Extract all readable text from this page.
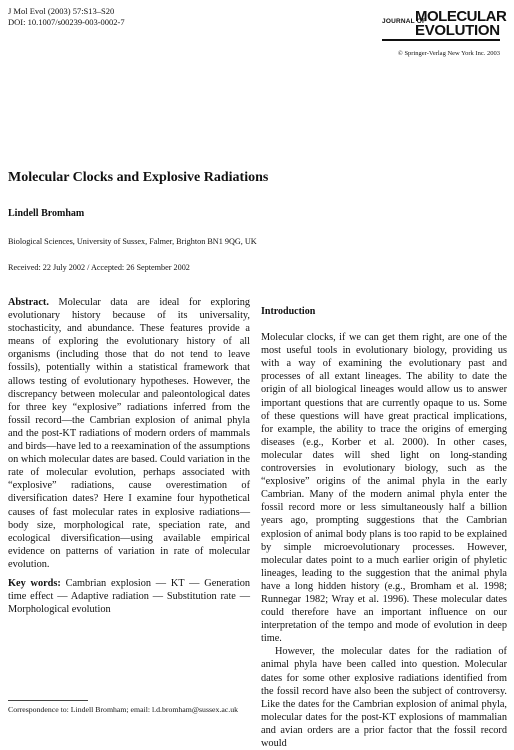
J Mol Evol (2003) 57:S13–S20
DOI: 10.1007/s00239-003-0002-7	JOURNAL OF
MOLECULAR
EVOLUTION
© Springer-Verlag New York Inc. 2003
Molecular Clocks and Explosive Radiations
Lindell Bromham
Biological Sciences, University of Sussex, Falmer, Brighton BN1 9QG, UK
Received: 22 July 2002 / Accepted: 26 September 2002

Abstract. Molecular data are ideal for exploring evolutionary history because of its universality, stochasticity, and abundance. These features provide a means of exploring the evolutionary history of all organisms (including those that do not tend to leave fossils), potentially within a statistical framework that allows testing of evolutionary hypotheses. However, the discrepancy between molecular and paleontological dates for three key “explosive” radiations inferred from the fossil record—the Cambrian explosion of animal phyla and the post-KT radiations of modern orders of mammals and birds—have led to a reexamination of the assumptions on which molecular dates are based. Could variation in the rate of molecular evolution, perhaps associated with “explosive” radiations, cause overestimation of diversification dates? Here I examine four hypothetical causes of fast molecular rates in explosive radiations—body size, morphological rate, speciation rate, and ecological diversification—using available empirical evidence on patterns of variation in rate of molecular evolution.

Key words: Cambrian explosion — KT — Generation time effect — Adaptive radiation — Substitution rate — Morphological evolution

Correspondence to: Lindell Bromham; email: l.d.bromham@sussex.ac.uk
Introduction

Molecular clocks, if we can get them right, are one of the most useful tools in evolutionary biology, providing us with a way of examining the evolutionary past and processes of all extant lineages. The ability to date the origin of all biological lineages would allow us to answer important questions that are currently opaque to us. Some of these questions will have great practical implications, for example, the ability to trace the origins of emerging diseases (e.g., Korber et al. 2000). In other cases, molecular dates will shed light on long-standing controversies in evolutionary biology, such as the “explosive” origins of the animal phyla in the early Cambrian. Many of the modern animal phyla enter the fossil record more or less simultaneously half a billion years ago, prompting suggestions that the Cambrian explosion of animal body plans is too rapid to be explained by simple microevolutionary processes. However, molecular dates point to a much earlier origin of phyletic lineages, leading to the suggestion that the animal phyla have a long hidden history (e.g., Bromham et al. 1998; Runnegar 1982; Wray et al. 1996). These molecular dates could therefore have an important influence on our interpretation of the tempo and mode of evolution in deep time.

However, the molecular dates for the radiation of animal phyla have been called into question. Molecular dates for some other explosive radiations identified from the fossil record have also been the subject of controversy. Like the dates for the Cambrian explosion of animal phyla, molecular dates for the post-KT explosions of mammalian and avian orders are a prior factor that the fossil record would
